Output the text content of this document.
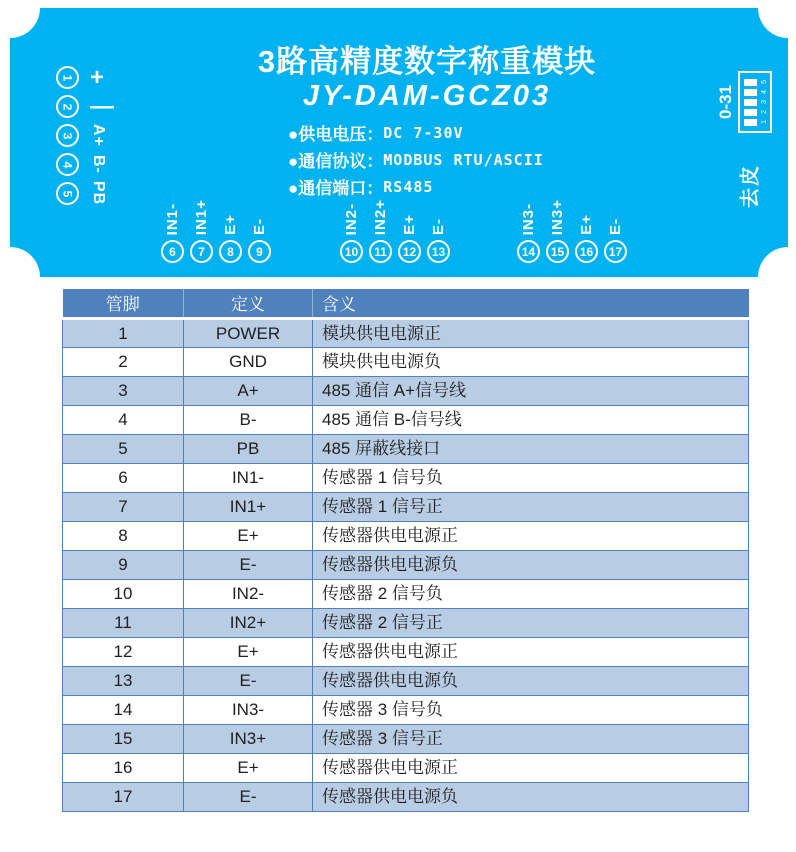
3路高精度数字称重模块
JY-DAM-GCZ03
●供电电压： DC 7-30V
●通信协议： MODBUS RTU/ASCII
●通信端口： RS485
1 +
2 —
3 A+
4 B-
5 PB
IN1-
6
IN1+
7
E+
8
E-
9
IN2-
10
IN2+
11
E+
12
E-
13
IN3-
14
IN3+
15
E+
16
E-
17
0-31
1
2
3
4
5
去皮
管脚	定义	含义
1	POWER	模块供电电源正
2	GND	模块供电电源负
3	A+	485 通信 A+信号线
4	B-	485 通信 B-信号线
5	PB	485 屏蔽线接口
6	IN1-	传感器 1 信号负
7	IN1+	传感器 1 信号正
8	E+	传感器供电电源正
9	E-	传感器供电电源负
10	IN2-	传感器 2 信号负
11	IN2+	传感器 2 信号正
12	E+	传感器供电电源正
13	E-	传感器供电电源负
14	IN3-	传感器 3 信号负
15	IN3+	传感器 3 信号正
16	E+	传感器供电电源正
17	E-	传感器供电电源负
